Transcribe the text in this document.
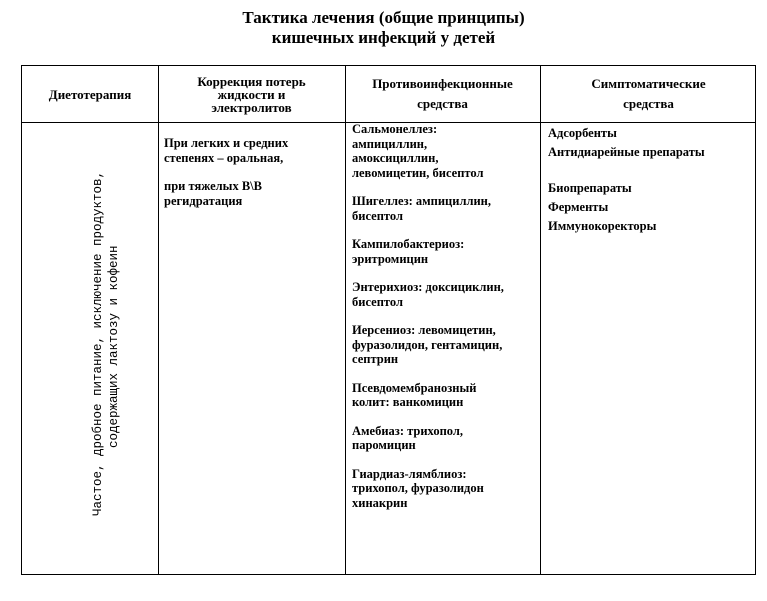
Тактика лечения (общие принципы)
кишечных инфекций у детей
Диетотерапия
Коррекция потерь
жидкости и
электролитов
Противоинфекционные
средства
Симптоматические
средства
Частое, дробное питание, исключение продуктов, содержащих лактозу и кофеин

При легких и средних

степенях – оральная,

при тяжелых В\В

регидратация

Сальмонеллез:

ампициллин,

амоксициллин,

левомицетин, бисептол

Шигеллез: ампициллин,

бисептол

Кампилобактериоз:

эритромицин

Энтерихиоз: доксициклин,

бисептол

Иерсениоз: левомицетин,

фуразолидон, гентамицин,

септрин

Псевдомембранозный

колит: ванкомицин

Амебиаз: трихопол,

паромицин

Гиардиаз-лямблиоз:

трихопол, фуразолидон

хинакрин

Адсорбенты

Антидиарейные препараты

Биопрепараты

Ферменты

Иммунокоректоры
